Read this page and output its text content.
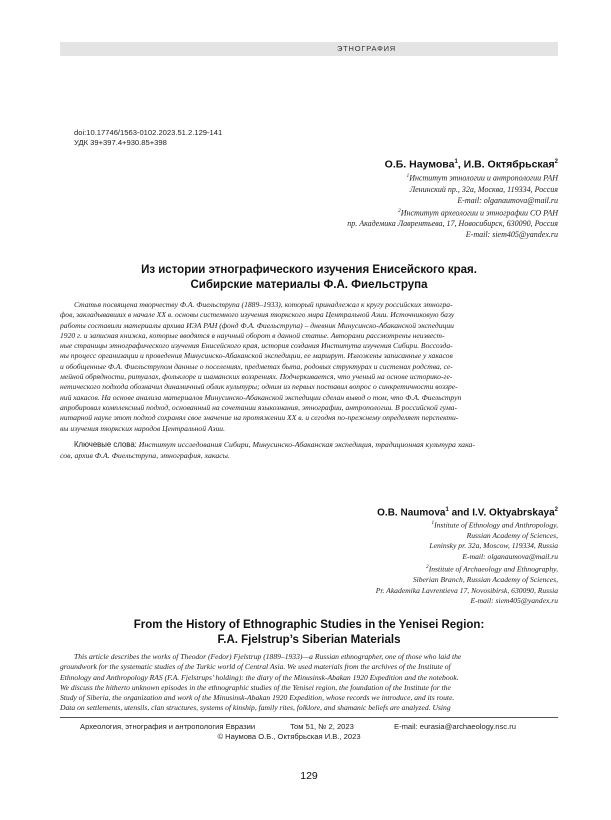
ЭТНОГРАФИЯ
doi:10.17746/1563-0102.2023.51.2.129-141
УДК 39+397.4+930.85+398
О.Б. Наумова$^1$, И.В. Октябрьская$^2$
$^1$Институт этнологии и антропологии РАН
Ленинский пр., 32а, Москва, 119334, Россия
E-mail: olganaumova@mail.ru
$^2$Институт археологии и этнографии СО РАН
пр. Академика Лаврентьева, 17, Новосибирск, 630090, Россия
E-mail: siem405@yandex.ru
Из истории этнографического изучения Енисейского края.
Сибирские материалы Ф.А. Фиельструпа
Статья посвящена творчеству Ф.А. Фиельструпа (1889–1933), который принадлежал к кругу российских этногра-
фов, заклaдывавших в начале XX в. основы системного изучения тюркского мира Центральной Азии. Источниковую базу
работы составили материалы архива ИЭА РАН (фонд Ф.А. Фиельструпа) – дневник Минусинско-Абаканской экспедиции
1920 г. и записная книжка, которые вводятся в научный оборот в данной статье. Авторами рассмотрены неизвест-
ные страницы этнографического изучения Енисейского края, история создания Института изучения Сибири. Воссозда-
ны процесс организации и проведения Минусинско-Абаканской экспедиции, ее маршрут. Изложены записанные у хакасов
и обобщенные Ф.А. Фиельструпом данные о поселениях, предметах быта, родовых структурах и системах родства, се-
мейной обрядности, ритуалах, фольклоре и шаманских воззрениях. Подчеркивается, что ученый на основе историко-ге-
нетического подхода обозначил динамичный облик культуры; одним из первых поставил вопрос о синкретичности воззре-
ний хакасов. На основе анализа материалов Минусинско-Абаканской экспедиции сделан вывод о том, что Ф.А. Фиельструп
апробировал комплексный подход, основанный на сочетании языкознания, этнографии, антропологии. В российской гума-
нитарной науке этот подход сохранял свое значение на протяжении XX в. и сегодня по-прежнему определяет перспекти-
вы изучения тюркских народов Центральной Азии.
Ключевые слова: Институт исследования Сибири, Минусинско-Абаканская экспедиция, традиционная культура хака-
сов, архив Ф.А. Фиельструпа, этнография, хакасы.
O.B. Naumova$^1$ and I.V. Oktyabrskaya$^2$
$^1$Institute of Ethnology and Anthropology,
Russian Academy of Sciences,
Leninsky pr. 32a, Moscow, 119334, Russia
E-mail: olganaumova@mail.ru
$^2$Institute of Archaeology and Ethnography,
Siberian Branch, Russian Academy of Sciences,
Pr. Akademika Lavrentieva 17, Novosibirsk, 630090, Russia
E-mail: siem405@yandex.ru
From the History of Ethnographic Studies in the Yenisei Region:
F.A. Fjelstrup’s Siberian Materials
This article describes the works of Theodor (Fedor) Fjelstrup (1889–1933)—a Russian ethnographer, one of those who laid the
groundwork for the systematic studies of the Turkic world of Central Asia. We used materials from the archives of the Institute of
Ethnology and Anthropology RAS (F.A. Fjelstrups’ holding): the diary of the Minusinsk-Abakan 1920 Expedition and the notebook.
We discuss the hitherto unknown episodes in the ethnographic studies of the Yenisei region, the foundation of the Institute for the
Study of Siberia, the organization and work of the Minusinsk-Abakan 1920 Expedition, whose records we introduce, and its route.
Data on settlements, utensils, clan structures, systems of kinship, family rites, folklore, and shamanic beliefs are analyzed. Using
Археология, этнография и антропология Евразии	Том 51, № 2, 2023	E-mail: eurasia@archaeology.nsc.ru
© Наумова О.Б., Октябрьская И.В., 2023
129
